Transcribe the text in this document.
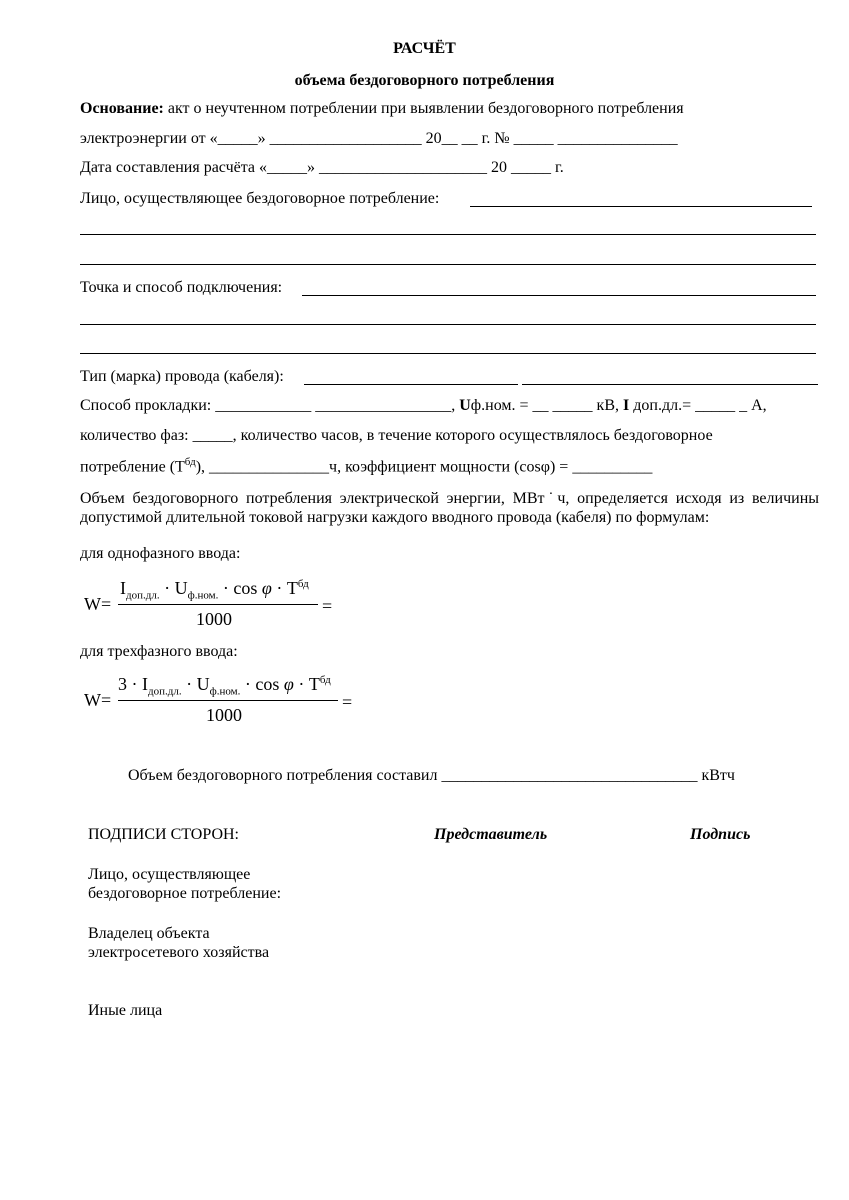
РАСЧЁТ
объема бездоговорного потребления
Основание: акт о неучтенном потреблении при выявлении бездоговорного потребления
электроэнергии от «_____» ___________________ 20__ __ г. № _____ _______________
Дата составления расчёта «_____» _____________________ 20 _____ г.
Лицо, осуществляющее бездоговорное потребление:
Точка и способ подключения:
Тип (марка) провода (кабеля):
Способ прокладки: ____________ _________________, Uф.ном. = __ _____ кВ, I доп.дл.= _____ _ А,
количество фаз: _____, количество часов, в течение которого осуществлялось бездоговорное
потребление $(Т^{бд})$, _______________ч, коэффициент мощности (cosφ) = __________
Объем бездоговорного потребления электрической энергии, МВт˙ч, определяется исходя из величины допустимой длительной токовой нагрузки каждого вводного провода (кабеля) по формулам:
для однофазного ввода:
W=
$I_{доп.дл.} \cdot U_{ф.ном.} \cdot \cos \varphi \cdot T^{бд}$
1000
=
для трехфазного ввода:
W=
$3 \cdot I_{доп.дл.} \cdot U_{ф.ном.} \cdot \cos \varphi \cdot T^{бд}$
1000
=
Объем бездоговорного потребления составил ________________________________ кВтч
ПОДПИСИ СТОРОН:	Представитель	Подпись
Лицо, осуществляющее
бездоговорное потребление:
Владелец объекта
электросетевого хозяйства
Иные лица
